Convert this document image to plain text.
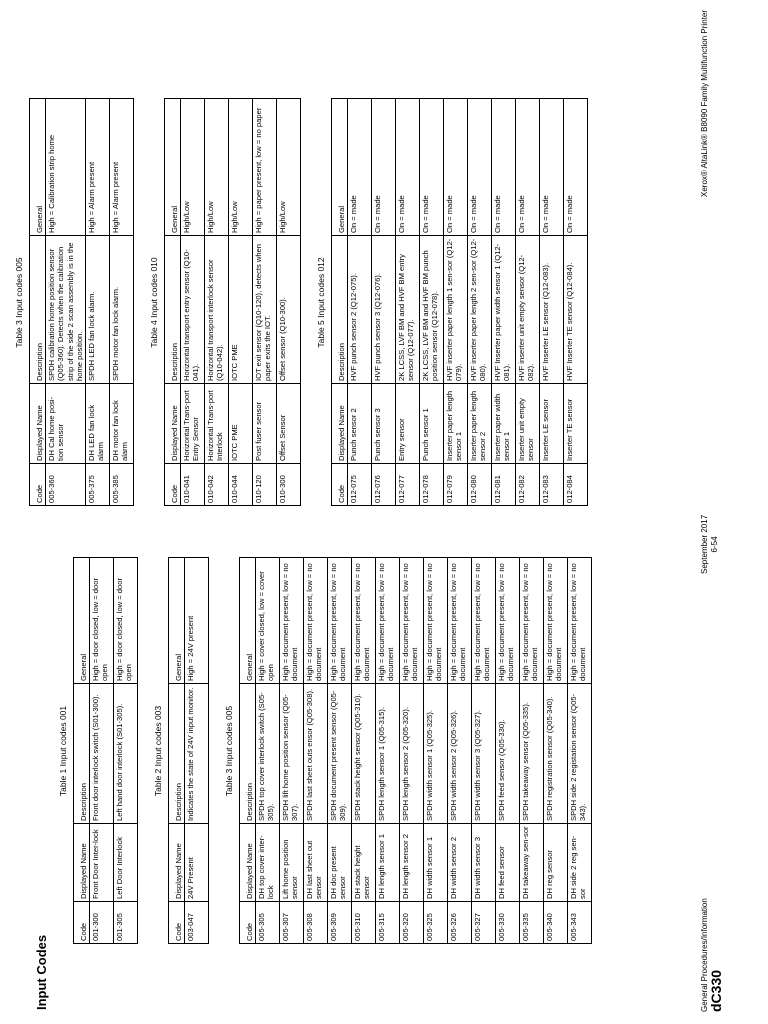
Input Codes
Table 1 Input codes 001
Code	Displayed Name	Description	General
001-300	Front Door Inter-lock	Front door interlock switch (S01-300).	High = door closed, low = door open
001-305	Left Door Interlock	Left hand door interlock (S01-305).	High = door closed, low = door open
Table 2 Input codes 003
Code	Displayed Name	Description	General
003-047	24V Present	Indicates the state of 24V input monitor.	High = 24V present
Table 3 Input codes 005
Code	Displayed Name	Description	General
005-305	DH top cover inter-lock	SPDH top cover interlock switch (S05-305).	High = cover closed, low = cover open
005-307	Lift home position sensor	SPDH lift home position sensor (Q05-307).	High = document present, low = no document
005-308	DH last sheet out sensor	SPDH last sheet outs ensor (Q05-308).	High = document present, low = no document
005-309	DH doc present sensor	SPDH document present sensor (Q05-309).	High = document present, low = no document
005-310	DH stack height sensor	SPDH stack height sensor (Q05-310).	High = document present, low = no document
005-315	DH length sensor 1	SPDH length sensor 1 (Q05-315).	High = document present, low = no document
005-320	DH length sensor 2	SPDH length sensor 2 (Q05-320).	High = document present, low = no document
005-325	DH width sensor 1	SPDH width sensor 1 (Q05-325).	High = document present, low = no document
005-326	DH width sensor 2	SPDH width sensor 2 (Q05-326).	High = document present, low = no document
005-327	DH width sensor 3	SPDH width sensor 3 (Q05-327).	High = document present, low = no document
005-330	DH feed sensor	SPDH feed sensor (Q05-330).	High = document present, low = no document
005-335	DH takeaway sen-sor	SPDH takeaway sensor (Q05-335).	High = document present, low = no document
005-340	DH reg sensor	SPDH registration sensor (Q05-340).	High = document present, low = no document
005-343	DH side 2 reg sen-sor	SPDH side 2 registation sensor (Q05-343).	High = document present, low = no document
Table 3 Input codes 005
Code	Displayed Name	Description	General
005-360	DH Cal home posi-tion sensor	SPDH calibration home position sensor (Q05-360). Detects when the calibration strip of the side 2 scan assembly is in the home position.	High = Calibration strip home
005-375	DH LED fan lock alarm	SPDH LED fan lock alarm.	High = Alarm present
005-385	DH motor fan lock alarm	SPDH motor fan lock alarm.	High = Alarm present
Table 4 Input codes 010
Code	Displayed Name	Description	General
010-041	Horizontal Trans-port Entry Sensor	Horizontal transport entry sensor (Q10-041).	High/Low
010-042	Horizontal Trans-port Interlock	Horizontal transport interlock sensor (Q10-042).	High/Low
010-044	IOTC PME	IOTC PME	High/Low
010-120	Post fuser sensor	IOT exit sensor (Q10-120), detects when paper exits the IOT.	High = paper present, low = no paper
010-300	Offset Sensor	Offset sensor (Q10-300).	High/Low
Table 5 Input codes 012
Code	Displayed Name	Description	General
012-075	Punch sensor 2	HVF punch sensor 2 (Q12-075).	On = made
012-076	Punch sensor 3	HVF punch sensor 3 (Q12-076).	On = made
012-077	Entry sensor	2K LCSS, LVF BM and HVF BM entry sensor (Q12-077).	On = made
012-078	Punch sensor 1	2K LCSS, LVF BM and HVF BM punch position sensor (Q12-078).	On = made
012-079	Inserter paper length sensor 1	HVF inserter paper length 1 sen-sor (Q12-079).	On = made
012-080	Inserter paper length sensor 2	HVF inserter paper length 2 sen-sor (Q12-080).	On = made
012-081	Inserter paper width sensor 1	HVF Inserter paper width sensor 1 (Q12-081).	On = made
012-082	Inserter unit empty sensor	HVF inserter unit empty sensor (Q12-082).	On = made
012-083	Inserter LE sensor	HVF Inserter LE sensor (Q12-083).	On = made
012-084	Inserter TE sensor	HVF Inserter TE sensor (Q12-084).	On = made
General Procedures/Information dC330
September 2017 6-54
Xerox® AltaLink® B8090 Family Multifunction Printer
